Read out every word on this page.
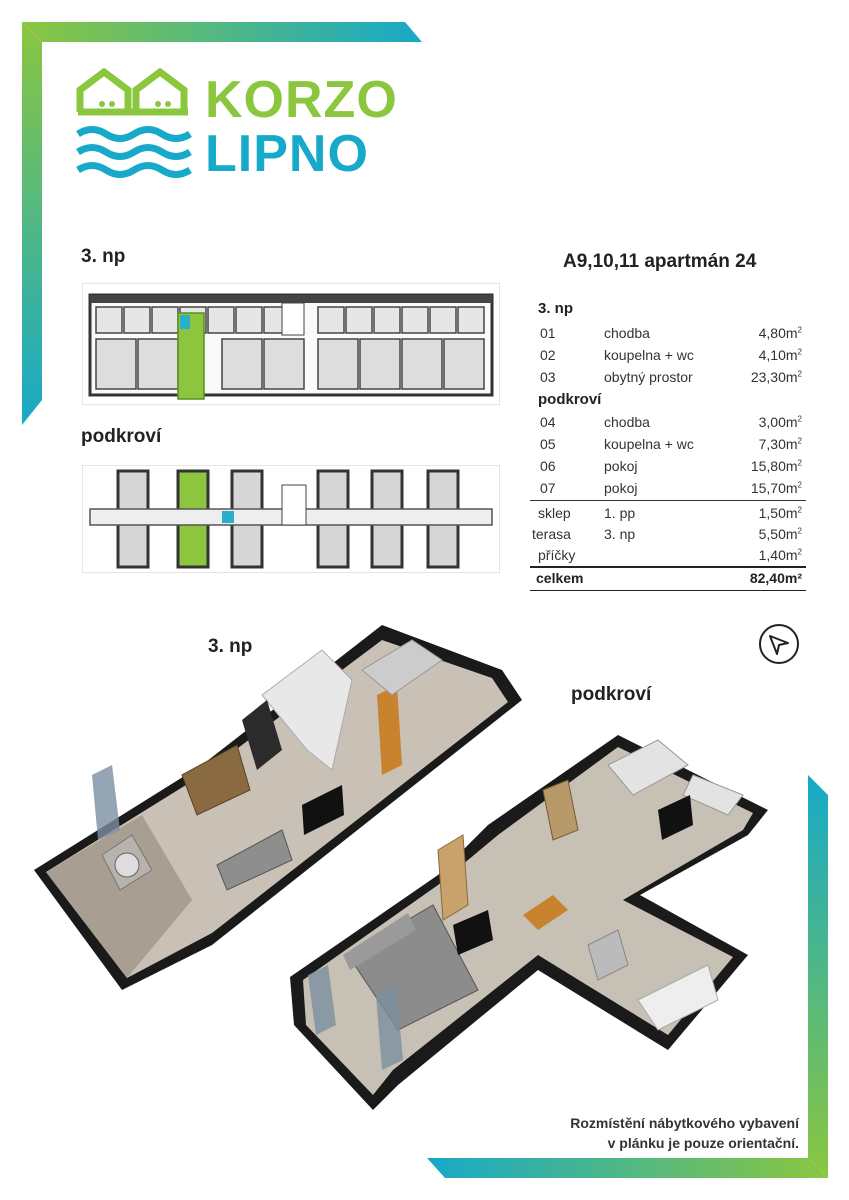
KORZO
LIPNO
3. np
podkroví
A9,10,11 apartmán 24
3. np
01	chodba	$4,80m^2$
02	koupelna + wc	$4,10m^2$
03	obytný prostor	$23,30m^2$
podkroví
04	chodba	$3,00m^2$
05	koupelna + wc	$7,30m^2$
06	pokoj	$15,80m^2$
07	pokoj	$15,70m^2$
sklep 1. pp	$1,50m^2$
terasa 3. np	$5,50m^2$
příčky	$1,40m^2$
celkem	82,40m²
3. np
podkroví
Rozmístění nábytkového vybavení
v plánku je pouze orientační.
